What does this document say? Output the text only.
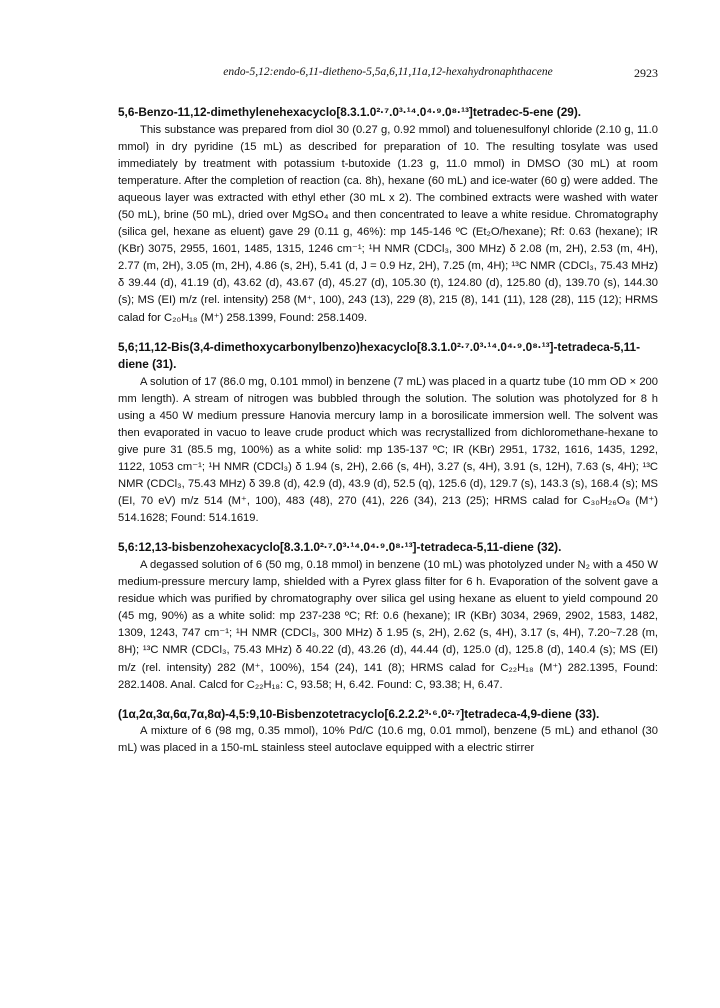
endo-5,12:endo-6,11-dietheno-5,5a,6,11,11a,12-hexahydronaphthacene	2923

5,6-Benzo-11,12-dimethylenehexacyclo[8.3.1.0²·⁷.0³·¹⁴.0⁴·⁹.0⁸·¹³]tetradec-5-ene (29).

This substance was prepared from diol 30 (0.27 g, 0.92 mmol) and toluenesulfonyl chloride (2.10 g, 11.0 mmol) in dry pyridine (15 mL) as described for preparation of 10. The resulting tosylate was used immediately by treatment with potassium t-butoxide (1.23 g, 11.0 mmol) in DMSO (30 mL) at room temperature. After the completion of reaction (ca. 8h), hexane (60 mL) and ice-water (60 g) were added. The aqueous layer was extracted with ethyl ether (30 mL x 2). The combined extracts were washed with water (50 mL), brine (50 mL), dried over MgSO₄ and then concentrated to leave a white residue. Chromatography (silica gel, hexane as eluent) gave 29 (0.11 g, 46%): mp 145-146 ºC (Et₂O/hexane); Rf: 0.63 (hexane); IR (KBr) 3075, 2955, 1601, 1485, 1315, 1246 cm⁻¹; ¹H NMR (CDCl₃, 300 MHz) δ 2.08 (m, 2H), 2.53 (m, 4H), 2.77 (m, 2H), 3.05 (m, 2H), 4.86 (s, 2H), 5.41 (d, J = 0.9 Hz, 2H), 7.25 (m, 4H); ¹³C NMR (CDCl₃, 75.43 MHz) δ 39.44 (d), 41.19 (d), 43.62 (d), 43.67 (d), 45.27 (d), 105.30 (t), 124.80 (d), 125.80 (d), 139.70 (s), 144.30 (s); MS (EI) m/z (rel. intensity) 258 (M⁺, 100), 243 (13), 229 (8), 215 (8), 141 (11), 128 (28), 115 (12); HRMS calad for C₂₀H₁₈ (M⁺) 258.1399, Found: 258.1409.

5,6;11,12-Bis(3,4-dimethoxycarbonylbenzo)hexacyclo[8.3.1.0²·⁷.0³·¹⁴.0⁴·⁹.0⁸·¹³]-tetradeca-5,11-diene (31).

A solution of 17 (86.0 mg, 0.101 mmol) in benzene (7 mL) was placed in a quartz tube (10 mm OD × 200 mm length). A stream of nitrogen was bubbled through the solution. The solution was photolyzed for 8 h using a 450 W medium pressure Hanovia mercury lamp in a borosilicate immersion well. The solvent was then evaporated in vacuo to leave crude product which was recrystallized from dichloromethane-hexane to give pure 31 (85.5 mg, 100%) as a white solid: mp 135-137 ºC; IR (KBr) 2951, 1732, 1616, 1435, 1292, 1122, 1053 cm⁻¹; ¹H NMR (CDCl₃) δ 1.94 (s, 2H), 2.66 (s, 4H), 3.27 (s, 4H), 3.91 (s, 12H), 7.63 (s, 4H); ¹³C NMR (CDCl₃, 75.43 MHz) δ 39.8 (d), 42.9 (d), 43.9 (d), 52.5 (q), 125.6 (d), 129.7 (s), 143.3 (s), 168.4 (s); MS (EI, 70 eV) m/z 514 (M⁺, 100), 483 (48), 270 (41), 226 (34), 213 (25); HRMS calad for C₃₀H₂₆O₈ (M⁺) 514.1628; Found: 514.1619.

5,6:12,13-bisbenzohexacyclo[8.3.1.0²·⁷.0³·¹⁴.0⁴·⁹.0⁸·¹³]-tetradeca-5,11-diene (32).

A degassed solution of 6 (50 mg, 0.18 mmol) in benzene (10 mL) was photolyzed under N₂ with a 450 W medium-pressure mercury lamp, shielded with a Pyrex glass filter for 6 h. Evaporation of the solvent gave a residue which was purified by chromatography over silica gel using hexane as eluent to yield compound 20 (45 mg, 90%) as a white solid: mp 237-238 ºC; Rf: 0.6 (hexane); IR (KBr) 3034, 2969, 2902, 1583, 1482, 1309, 1243, 747 cm⁻¹; ¹H NMR (CDCl₃, 300 MHz) δ 1.95 (s, 2H), 2.62 (s, 4H), 3.17 (s, 4H), 7.20~7.28 (m, 8H); ¹³C NMR (CDCl₃, 75.43 MHz) δ 40.22 (d), 43.26 (d), 44.44 (d), 125.0 (d), 125.8 (d), 140.4 (s); MS (EI) m/z (rel. intensity) 282 (M⁺, 100%), 154 (24), 141 (8); HRMS calad for C₂₂H₁₈ (M⁺) 282.1395, Found: 282.1408. Anal. Calcd for C₂₂H₁₈: C, 93.58; H, 6.42. Found: C, 93.38; H, 6.47.

(1α,2α,3α,6α,7α,8α)-4,5:9,10-Bisbenzotetracyclo[6.2.2.2³·⁶.0²·⁷]tetradeca-4,9-diene (33).

A mixture of 6 (98 mg, 0.35 mmol), 10% Pd/C (10.6 mg, 0.01 mmol), benzene (5 mL) and ethanol (30 mL) was placed in a 150-mL stainless steel autoclave equipped with a electric stirrer
